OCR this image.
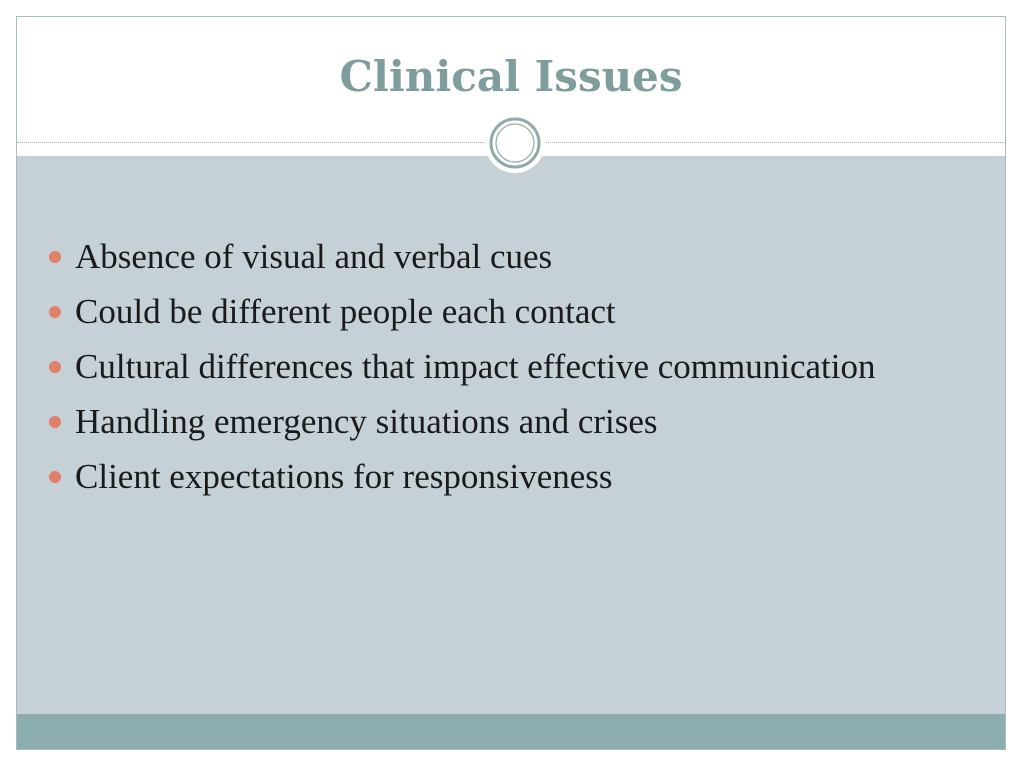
Clinical Issues
Absence of visual and verbal cues
Could be different people each contact
Cultural differences that impact effective communication
Handling emergency situations and crises
Client expectations for responsiveness
